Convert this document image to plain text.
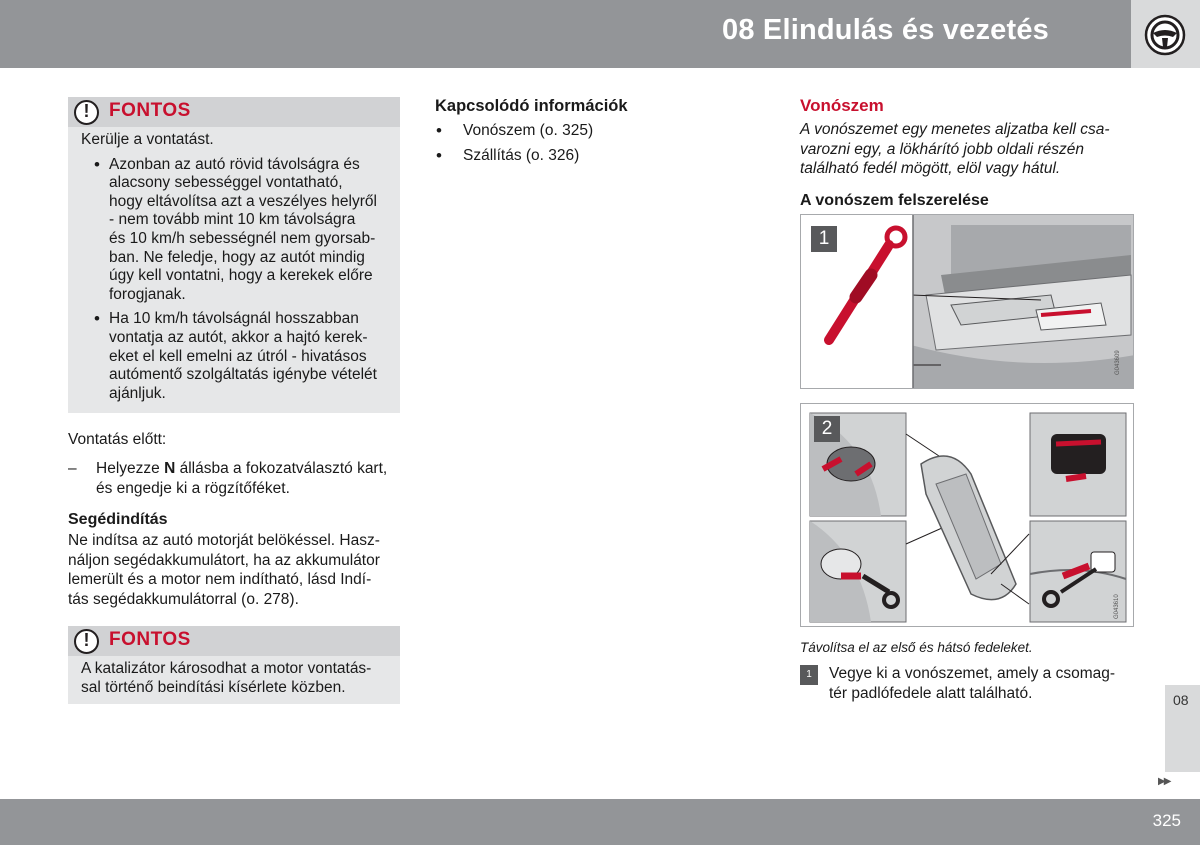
08 Elindulás és vezetés
!
FONTOS

Kerülje a vontatást.

• Azonban az autó rövid távolságra és
alacsony sebességgel vontatható,
hogy eltávolítsa azt a veszélyes helyről
- nem tovább mint 10 km távolságra
és 10 km/h sebességnél nem gyorsab-
ban. Ne feledje, hogy az autót mindig
úgy kell vontatni, hogy a kerekek előre
forogjanak.
• Ha 10 km/h távolságnál hosszabban
vontatja az autót, akkor a hajtó kerek-
eket el kell emelni az útról - hivatásos
autómentő szolgáltatás igénybe vételét
ajánljuk.
Vontatás előtt:
–	Helyezze N állásba a fokozatválasztó kart,
és engedje ki a rögzítőféket.
Segédindítás
Ne indítsa az autó motorját belökéssel. Hasz-
náljon segédakkumulátort, ha az akkumulátor
lemerült és a motor nem indítható, lásd Indí-
tás segédakkumulátorral (o. 278).
!
FONTOS
A katalizátor károsodhat a motor vontatás-
sal történő beindítási kísérlete közben.
Kapcsolódó információk
• Vonószem (o. 325)
• Szállítás (o. 326)
Vonószem
A vonószemet egy menetes aljzatba kell csa-
varozni egy, a lökhárító jobb oldali részén
található fedél mögött, elöl vagy hátul.
A vonószem felszerelése
1
G043609
2
G043610
Távolítsa el az első és hátsó fedeleket.
1	Vegye ki a vonószemet, amely a csomag-
tér padlófedele alatt található.	08
▶▶
325
